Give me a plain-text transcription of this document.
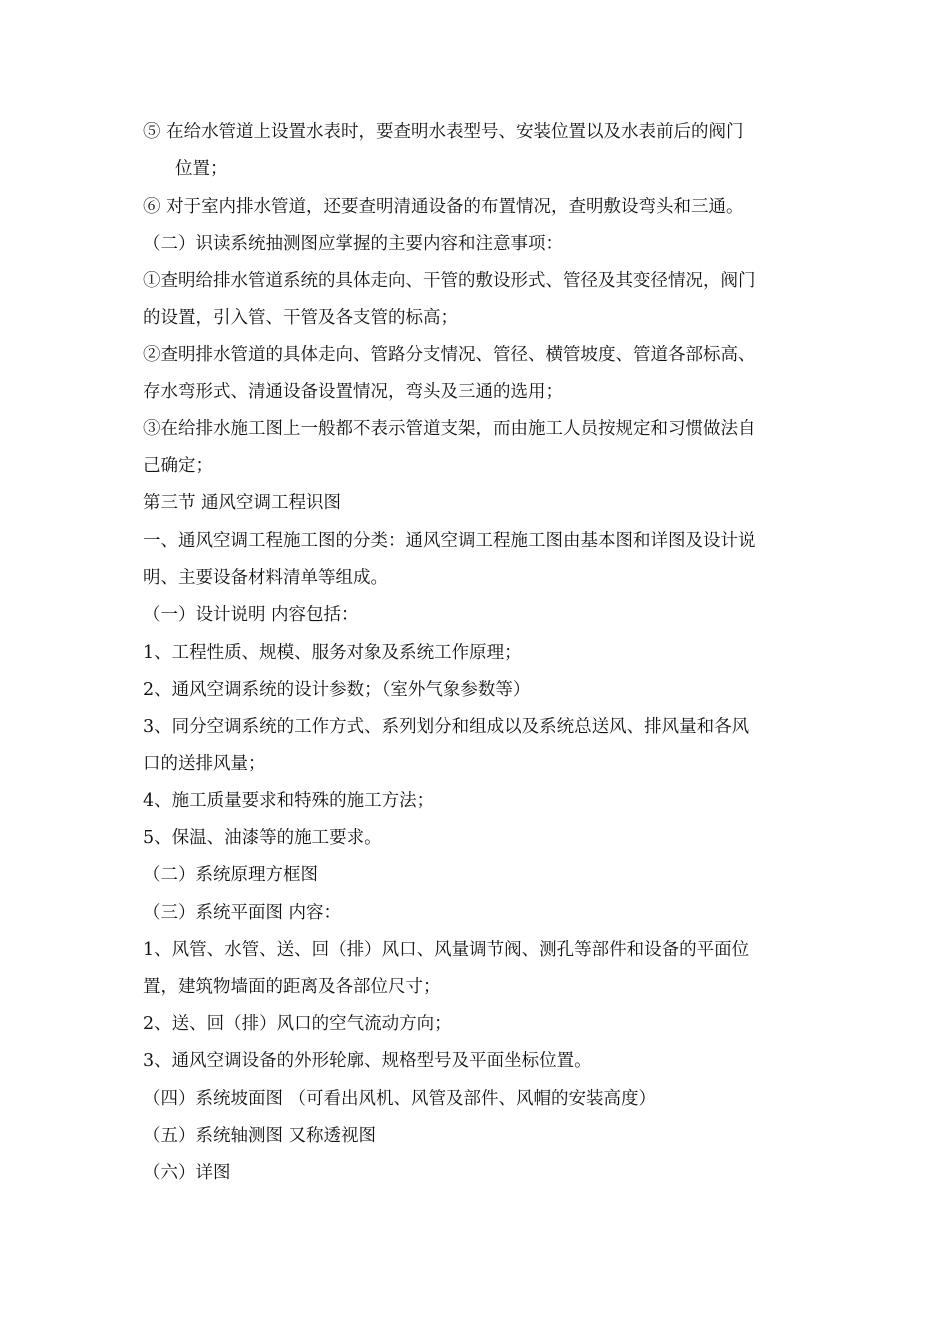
⑤ 在给水管道上设置水表时，要查明水表型号、安装位置以及水表前后的阀门
位置；
⑥ 对于室内排水管道，还要查明清通设备的布置情况，查明敷设弯头和三通。
（二）识读系统抽测图应掌握的主要内容和注意事项：
①查明给排水管道系统的具体走向、干管的敷设形式、管径及其变径情况，阀门
的设置，引入管、干管及各支管的标高；
②查明排水管道的具体走向、管路分支情况、管径、横管坡度、管道各部标高、
存水弯形式、清通设备设置情况，弯头及三通的选用；
③在给排水施工图上一般都不表示管道支架，而由施工人员按规定和习惯做法自
己确定；
第三节 通风空调工程识图
一、通风空调工程施工图的分类：通风空调工程施工图由基本图和详图及设计说
明、主要设备材料清单等组成。
（一）设计说明 内容包括：
1、工程性质、规模、服务对象及系统工作原理；
2、通风空调系统的设计参数；（室外气象参数等）
3、同分空调系统的工作方式、系列划分和组成以及系统总送风、排风量和各风
口的送排风量；
4、施工质量要求和特殊的施工方法；
5、保温、油漆等的施工要求。
（二）系统原理方框图
（三）系统平面图 内容：
1、风管、水管、送、回（排）风口、风量调节阀、测孔等部件和设备的平面位
置，建筑物墙面的距离及各部位尺寸；
2、送、回（排）风口的空气流动方向；
3、通风空调设备的外形轮廓、规格型号及平面坐标位置。
（四）系统坡面图 （可看出风机、风管及部件、风帽的安装高度）
（五）系统轴测图 又称透视图
（六）详图
